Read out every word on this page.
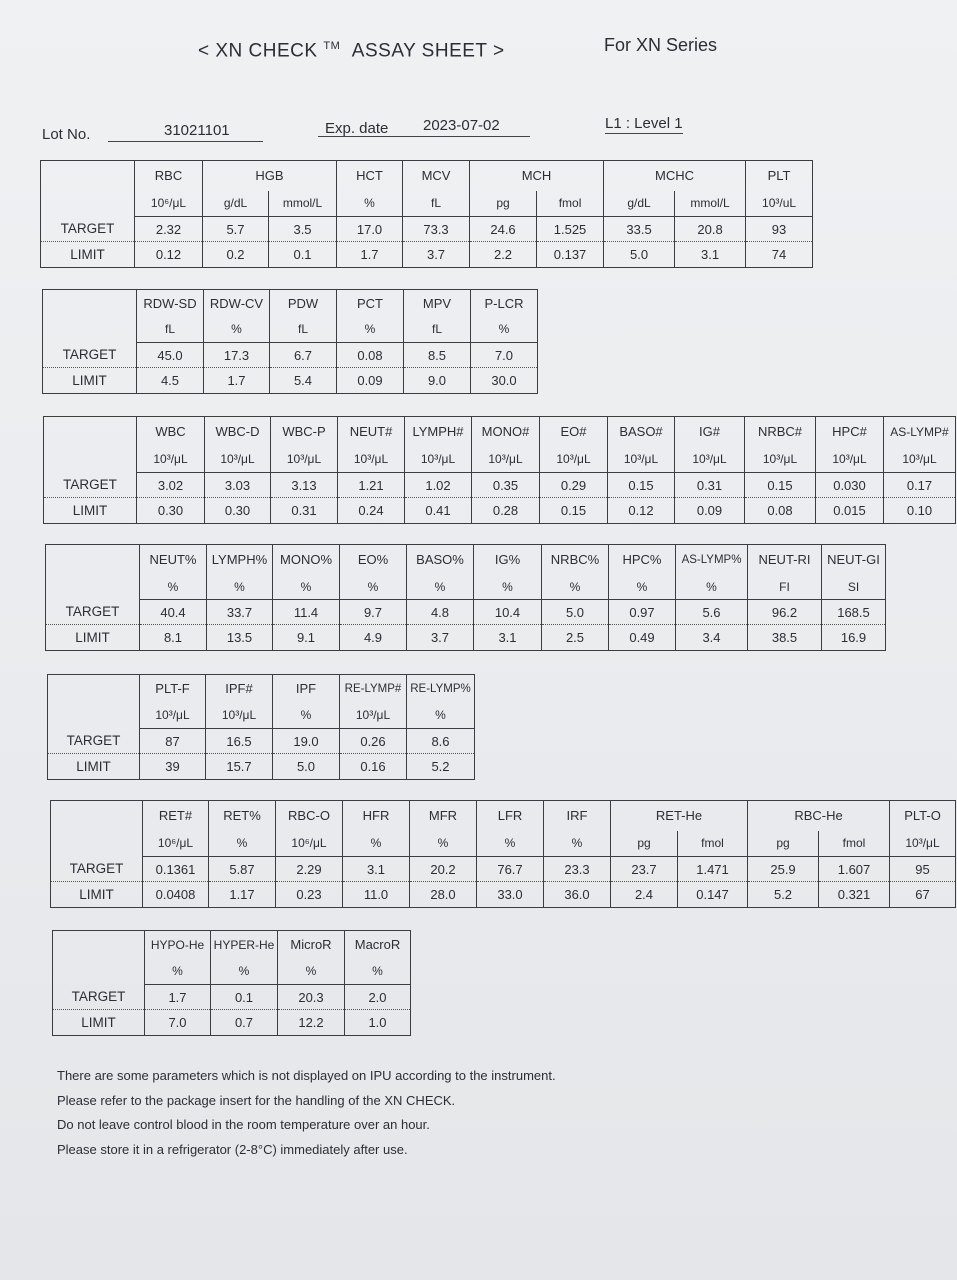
< XN CHECK ™ ASSAY SHEET >	For XN Series
Lot No.	31021101	Exp. date	2023-07-02	L1 : Level 1
	RBC	HGB		HCT	MCV	MCH		MCHC		PLT
	10⁶/μL	g/dL	mmol/L	%	fL	pg	fmol	g/dL	mmol/L	10³/uL
TARGET	2.32	5.7	3.5	17.0	73.3	24.6	1.525	33.5	20.8	93
LIMIT	0.12	0.2	0.1	1.7	3.7	2.2	0.137	5.0	3.1	74
	RDW-SD	RDW-CV	PDW	PCT	MPV	P-LCR
	fL	%	fL	%	fL	%
TARGET	45.0	17.3	6.7	0.08	8.5	7.0
LIMIT	4.5	1.7	5.4	0.09	9.0	30.0
	WBC	WBC-D	WBC-P	NEUT#	LYMPH#	MONO#	EO#	BASO#	IG#	NRBC#	HPC#	AS-LYMP#
	10³/μL	10³/μL	10³/μL	10³/μL	10³/μL	10³/μL	10³/μL	10³/μL	10³/μL	10³/μL	10³/μL	10³/μL
TARGET	3.02	3.03	3.13	1.21	1.02	0.35	0.29	0.15	0.31	0.15	0.030	0.17
LIMIT	0.30	0.30	0.31	0.24	0.41	0.28	0.15	0.12	0.09	0.08	0.015	0.10
	NEUT%	LYMPH%	MONO%	EO%	BASO%	IG%	NRBC%	HPC%	AS-LYMP%	NEUT-RI	NEUT-GI
	%	%	%	%	%	%	%	%	%	FI	SI
TARGET	40.4	33.7	11.4	9.7	4.8	10.4	5.0	0.97	5.6	96.2	168.5
LIMIT	8.1	13.5	9.1	4.9	3.7	3.1	2.5	0.49	3.4	38.5	16.9
	PLT-F	IPF#	IPF	RE-LYMP#	RE-LYMP%
	10³/μL	10³/μL	%	10³/μL	%
TARGET	87	16.5	19.0	0.26	8.6
LIMIT	39	15.7	5.0	0.16	5.2
	RET#	RET%	RBC-O	HFR	MFR	LFR	IRF	RET-He		RBC-He		PLT-O
	10⁶/μL	%	10⁶/μL	%	%	%	%	pg	fmol	pg	fmol	10³/μL
TARGET	0.1361	5.87	2.29	3.1	20.2	76.7	23.3	23.7	1.471	25.9	1.607	95
LIMIT	0.0408	1.17	0.23	11.0	28.0	33.0	36.0	2.4	0.147	5.2	0.321	67
	HYPO-He	HYPER-He	MicroR	MacroR
	%	%	%	%
TARGET	1.7	0.1	20.3	2.0
LIMIT	7.0	0.7	12.2	1.0
There are some parameters which is not displayed on IPU according to the instrument.
Please refer to the package insert for the handling of the XN CHECK.
Do not leave control blood in the room temperature over an hour.
Please store it in a refrigerator (2-8°C) immediately after use.
